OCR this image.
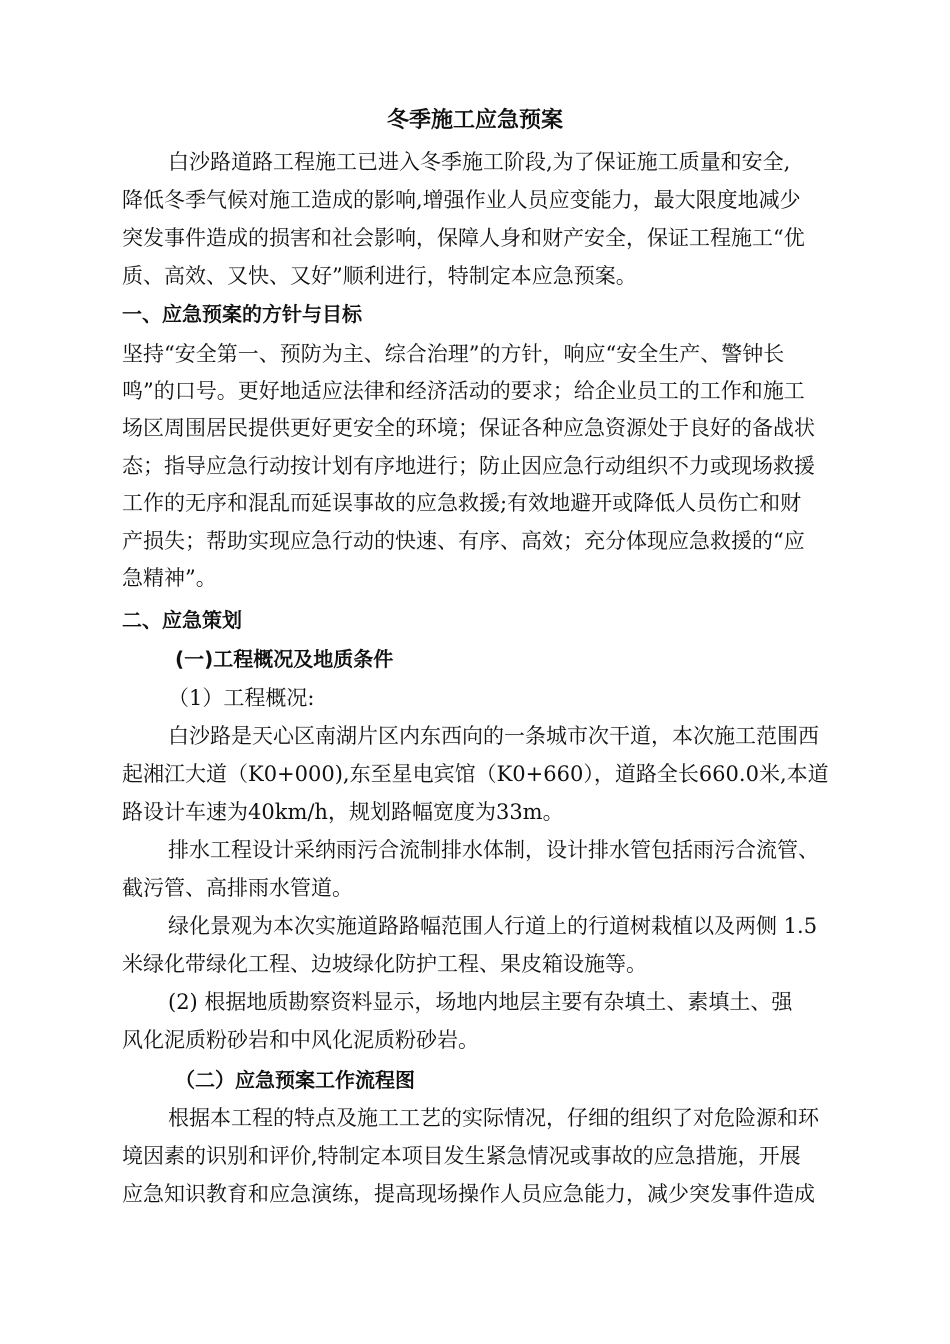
冬季施工应急预案
白沙路道路工程施工已进入冬季施工阶段,为了保证施工质量和安全,
降低冬季气候对施工造成的影响,增强作业人员应变能力，最大限度地减少
突发事件造成的损害和社会影响，保障人身和财产安全，保证工程施工“优
质、高效、又快、又好”顺利进行，特制定本应急预案。
一、应急预案的方针与目标
坚持“安全第一、预防为主、综合治理”的方针，响应“安全生产、警钟长
鸣”的口号。更好地适应法律和经济活动的要求；给企业员工的工作和施工
场区周围居民提供更好更安全的环境；保证各种应急资源处于良好的备战状
态；指导应急行动按计划有序地进行；防止因应急行动组织不力或现场救援
工作的无序和混乱而延误事故的应急救援;有效地避开或降低人员伤亡和财
产损失；帮助实现应急行动的快速、有序、高效；充分体现应急救援的“应
急精神”。
二、应急策划
(一)工程概况及地质条件
（1）工程概况:
白沙路是天心区南湖片区内东西向的一条城市次干道，本次施工范围西
起湘江大道（K0+000),东至星电宾馆（K0+660），道路全长660.0米,本道
路设计车速为40km/h，规划路幅宽度为33m。
排水工程设计采纳雨污合流制排水体制，设计排水管包括雨污合流管、
截污管、高排雨水管道。
绿化景观为本次实施道路路幅范围人行道上的行道树栽植以及两侧 1.5
米绿化带绿化工程、边坡绿化防护工程、果皮箱设施等。
(2) 根据地质勘察资料显示，场地内地层主要有杂填土、素填土、强
风化泥质粉砂岩和中风化泥质粉砂岩。
（二）应急预案工作流程图
根据本工程的特点及施工工艺的实际情况，仔细的组织了对危险源和环
境因素的识别和评价,特制定本项目发生紧急情况或事故的应急措施，开展
应急知识教育和应急演练，提高现场操作人员应急能力，减少突发事件造成
